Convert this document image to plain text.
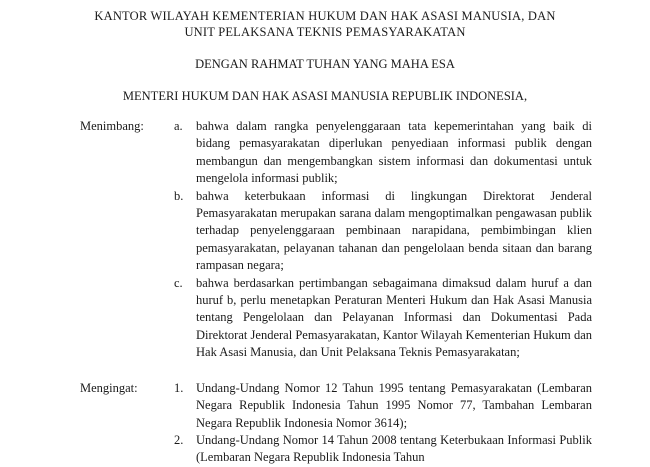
KANTOR WILAYAH KEMENTERIAN HUKUM DAN HAK ASASI MANUSIA, DAN
UNIT PELAKSANA TEKNIS PEMASYARAKATAN
DENGAN RAHMAT TUHAN YANG MAHA ESA
MENTERI HUKUM DAN HAK ASASI MANUSIA REPUBLIK INDONESIA,
Menimbang:	a.	bahwa dalam rangka penyelenggaraan tata kepemerintahan yang baik di bidang pemasyarakatan diperlukan penyediaan informasi publik dengan membangun dan mengembangkan sistem informasi dan dokumentasi untuk mengelola informasi publik;
b.	bahwa keterbukaan informasi di lingkungan Direktorat Jenderal Pemasyarakatan merupakan sarana dalam mengoptimalkan pengawasan publik terhadap penyelenggaraan pembinaan narapidana, pembimbingan klien pemasyarakatan, pelayanan tahanan dan pengelolaan benda sitaan dan barang rampasan negara;
c.	bahwa berdasarkan pertimbangan sebagaimana dimaksud dalam huruf a dan huruf b, perlu menetapkan Peraturan Menteri Hukum dan Hak Asasi Manusia tentang Pengelolaan dan Pelayanan Informasi dan Dokumentasi Pada Direktorat Jenderal Pemasyarakatan, Kantor Wilayah Kementerian Hukum dan Hak Asasi Manusia, dan Unit Pelaksana Teknis Pemasyarakatan;
Mengingat:	1.	Undang-Undang Nomor 12 Tahun 1995 tentang Pemasyarakatan (Lembaran Negara Republik Indonesia Tahun 1995 Nomor 77, Tambahan Lembaran Negara Republik Indonesia Nomor 3614);
2.	Undang-Undang Nomor 14 Tahun 2008 tentang Keterbukaan Informasi Publik (Lembaran Negara Republik Indonesia Tahun
